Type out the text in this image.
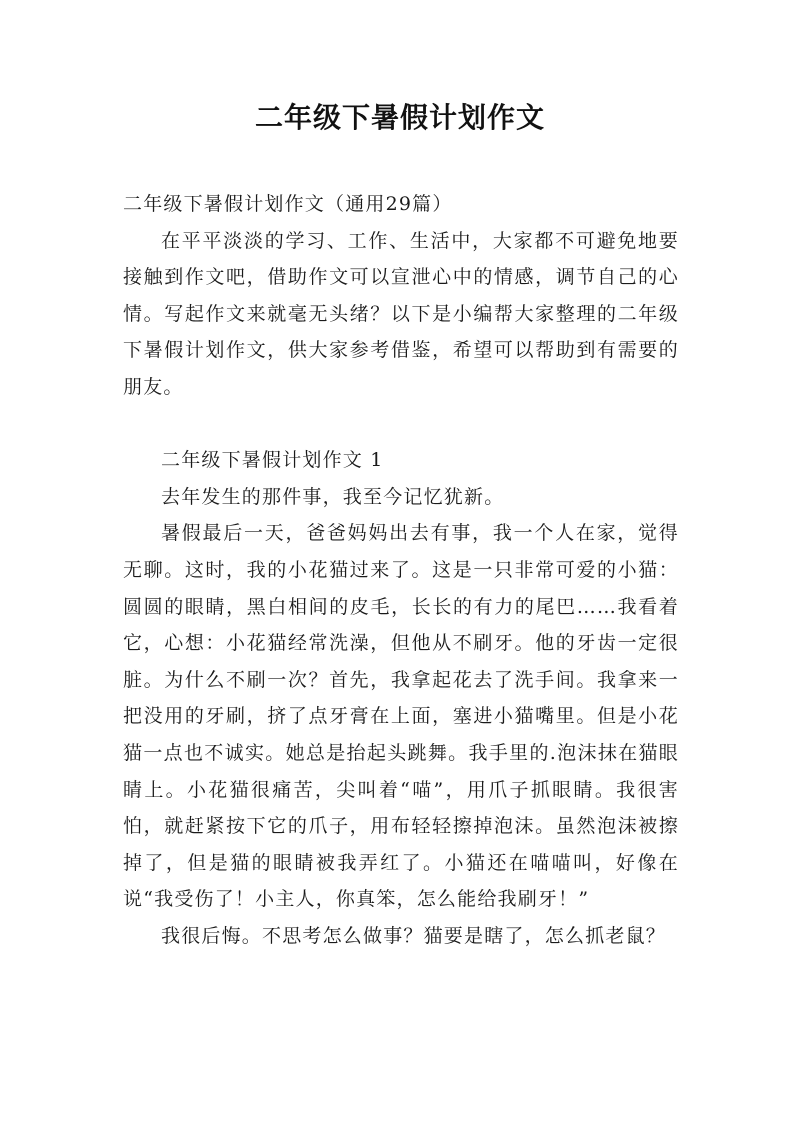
二年级下暑假计划作文

二年级下暑假计划作文（通用29篇）

在平平淡淡的学习、工作、生活中，大家都不可避免地要接触到作文吧，借助作文可以宣泄心中的情感，调节自己的心情。写起作文来就毫无头绪？以下是小编帮大家整理的二年级下暑假计划作文，供大家参考借鉴，希望可以帮助到有需要的朋友。

二年级下暑假计划作文 1

去年发生的那件事，我至今记忆犹新。

暑假最后一天，爸爸妈妈出去有事，我一个人在家，觉得无聊。这时，我的小花猫过来了。这是一只非常可爱的小猫：圆圆的眼睛，黑白相间的皮毛，长长的有力的尾巴……我看着它，心想：小花猫经常洗澡，但他从不刷牙。他的牙齿一定很脏。为什么不刷一次？首先，我拿起花去了洗手间。我拿来一把没用的牙刷，挤了点牙膏在上面，塞进小猫嘴里。但是小花猫一点也不诚实。她总是抬起头跳舞。我手里的.泡沫抹在猫眼睛上。小花猫很痛苦，尖叫着“喵”，用爪子抓眼睛。我很害怕，就赶紧按下它的爪子，用布轻轻擦掉泡沫。虽然泡沫被擦掉了，但是猫的眼睛被我弄红了。小猫还在喵喵叫，好像在说“我受伤了！小主人，你真笨，怎么能给我刷牙！”

我很后悔。不思考怎么做事？猫要是瞎了，怎么抓老鼠？
